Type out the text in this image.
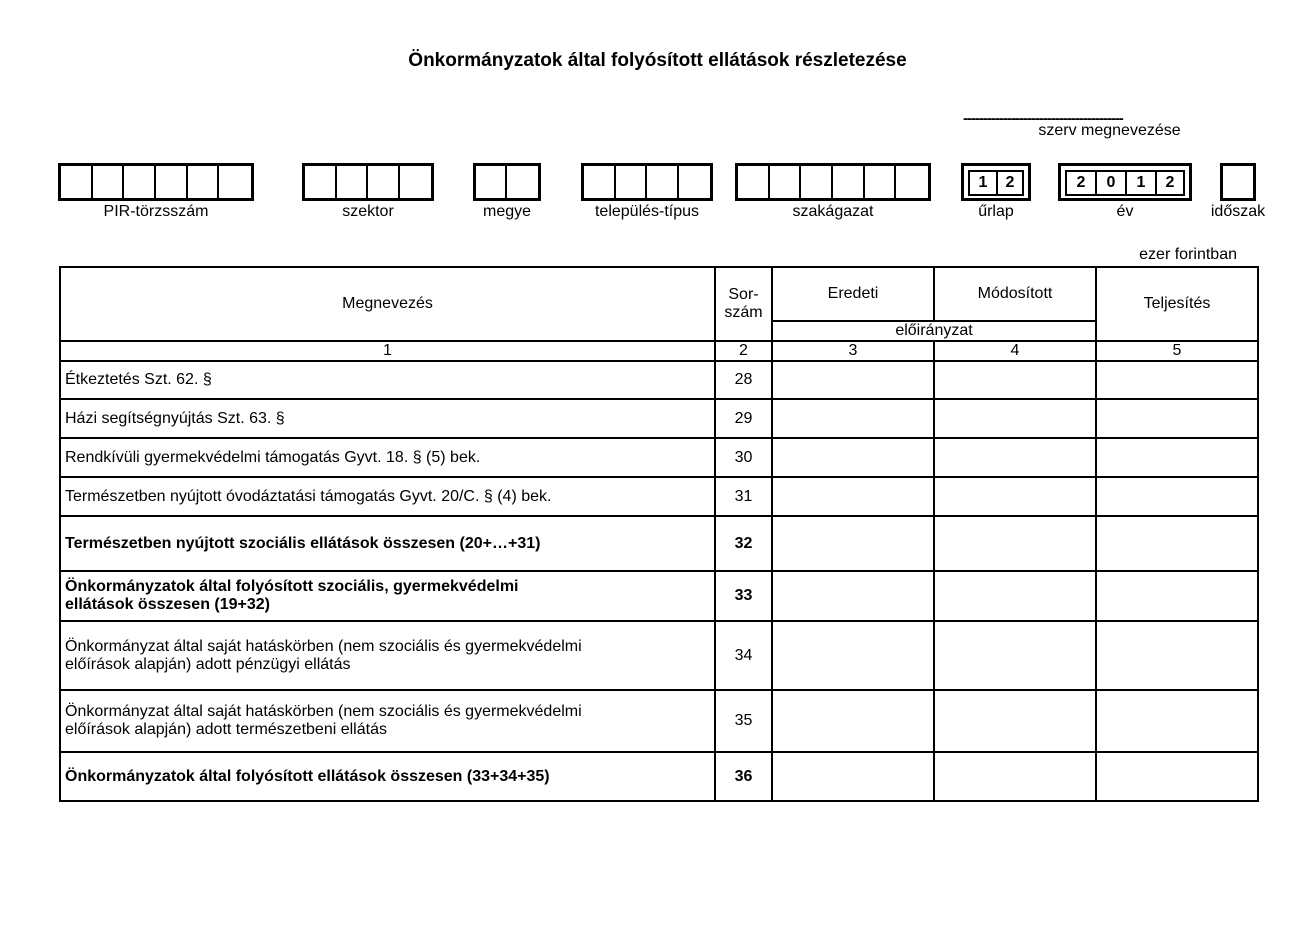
Önkormányzatok által folyósított ellátások részletezése
----------------------------------------
szerv megnevezése
PIR-törzsszám	szektor	megye	település-típus	szakágazat
1	2
űrlap
2	0	1	2
év	időszak
ezer forintban
Megnevezés	Sor-
szám	Eredeti	Módosított	Teljesítés
		előirányzat		
1	2	3	4	5
Étkeztetés Szt. 62. §	28			
Házi segítségnyújtás Szt. 63. §	29			
Rendkívüli gyermekvédelmi támogatás Gyvt. 18. § (5) bek.	30			
Természetben nyújtott óvodáztatási támogatás Gyvt. 20/C. § (4) bek.	31			
Természetben nyújtott szociális ellátások összesen (20+…+31)	32			
Önkormányzatok által folyósított szociális, gyermekvédelmi
ellátások összesen (19+32)	33			
Önkormányzat által saját hatáskörben (nem szociális és gyermekvédelmi
előírások alapján) adott pénzügyi ellátás	34			
Önkormányzat által saját hatáskörben (nem szociális és gyermekvédelmi
előírások alapján) adott természetbeni ellátás	35			
Önkormányzatok által folyósított ellátások összesen (33+34+35)	36			
